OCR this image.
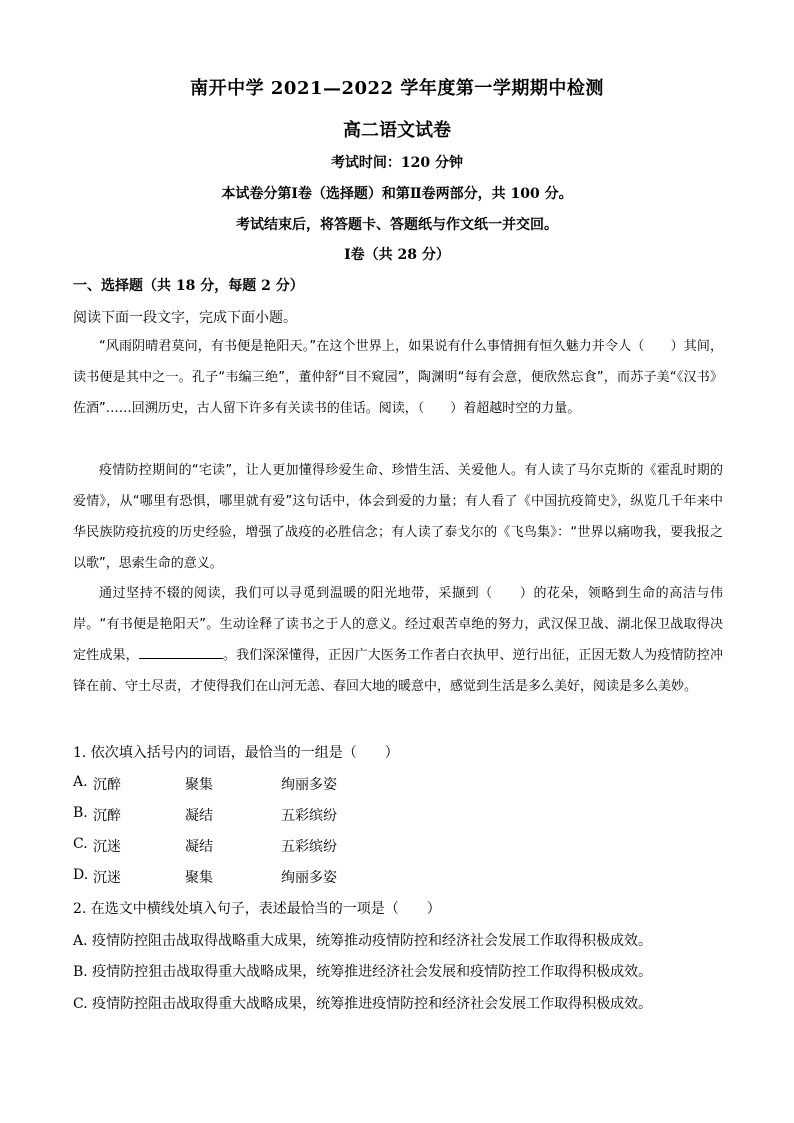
南开中学 2021—2022 学年度第一学期期中检测
高二语文试卷
考试时间：120 分钟
本试卷分第Ⅰ卷（选择题）和第Ⅱ卷两部分，共 100 分。
考试结束后，将答题卡、答题纸与作文纸一并交回。
Ⅰ卷（共 28 分）
一、选择题（共 18 分，每题 2 分）
阅读下面一段文字，完成下面小题。
“风雨阴晴君莫问，有书便是艳阳天。”在这个世界上，如果说有什么事情拥有恒久魅力并令人（　　）其间，读书便是其中之一。孔子“韦编三绝”，董仲舒“目不窥园”，陶渊明“每有会意，便欣然忘食”，而苏子美“《汉书》佐酒”……回溯历史，古人留下许多有关读书的佳话。阅读，（　　）着超越时空的力量。
疫情防控期间的“宅读”，让人更加懂得珍爱生命、珍惜生活、关爱他人。有人读了马尔克斯的《霍乱时期的爱情》，从“哪里有恐惧，哪里就有爱”这句话中，体会到爱的力量；有人看了《中国抗疫简史》，纵览几千年来中华民族防疫抗疫的历史经验，增强了战疫的必胜信念；有人读了泰戈尔的《飞鸟集》：“世界以痛吻我，要我报之以歌”，思索生命的意义。
通过坚持不辍的阅读，我们可以寻觅到温暖的阳光地带，采撷到（　　）的花朵，领略到生命的高洁与伟岸。“有书便是艳阳天”。生动诠释了读书之于人的意义。经过艰苦卓绝的努力，武汉保卫战、湖北保卫战取得决定性成果，	。我们深深懂得，正因广大医务工作者白衣执甲、逆行出征，正因无数人为疫情防控冲锋在前、守土尽责，才使得我们在山河无恙、春回大地的暖意中，感觉到生活是多么美好，阅读是多么美妙。
1. 依次填入括号内的词语，最恰当的一组是（　　）
A. 沉醉	聚集	绚丽多姿
B. 沉醉	凝结	五彩缤纷
C. 沉迷	凝结	五彩缤纷
D. 沉迷	聚集	绚丽多姿
2. 在选文中横线处填入句子，表述最恰当的一项是（　　）
A. 疫情防控阻击战取得战略重大成果，统筹推动疫情防控和经济社会发展工作取得积极成效。
B. 疫情防控狙击战取得重大战略成果，统筹推进经济社会发展和疫情防控工作取得积极成效。
C. 疫情防控阻击战取得重大战略成果，统筹推进疫情防控和经济社会发展工作取得积极成效。
